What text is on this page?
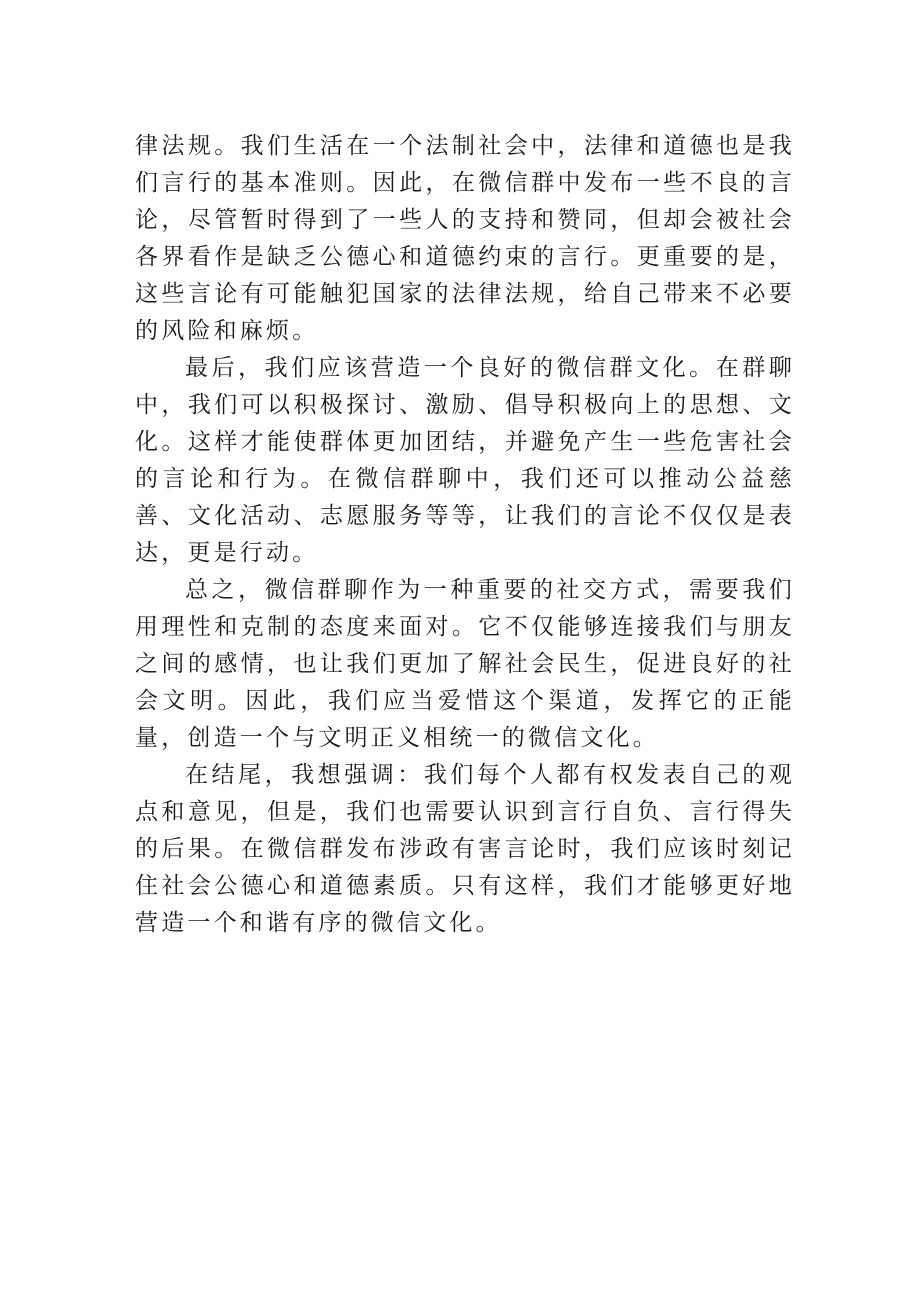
律法规。我们生活在一个法制社会中，法律和道德也是我们言行的基本准则。因此，在微信群中发布一些不良的言论，尽管暂时得到了一些人的支持和赞同，但却会被社会各界看作是缺乏公德心和道德约束的言行。更重要的是，这些言论有可能触犯国家的法律法规，给自己带来不必要的风险和麻烦。

最后，我们应该营造一个良好的微信群文化。在群聊中，我们可以积极探讨、激励、倡导积极向上的思想、文化。这样才能使群体更加团结，并避免产生一些危害社会的言论和行为。在微信群聊中，我们还可以推动公益慈善、文化活动、志愿服务等等，让我们的言论不仅仅是表达，更是行动。

总之，微信群聊作为一种重要的社交方式，需要我们用理性和克制的态度来面对。它不仅能够连接我们与朋友之间的感情，也让我们更加了解社会民生，促进良好的社会文明。因此，我们应当爱惜这个渠道，发挥它的正能量，创造一个与文明正义相统一的微信文化。

在结尾，我想强调：我们每个人都有权发表自己的观点和意见，但是，我们也需要认识到言行自负、言行得失的后果。在微信群发布涉政有害言论时，我们应该时刻记住社会公德心和道德素质。只有这样，我们才能够更好地营造一个和谐有序的微信文化。
